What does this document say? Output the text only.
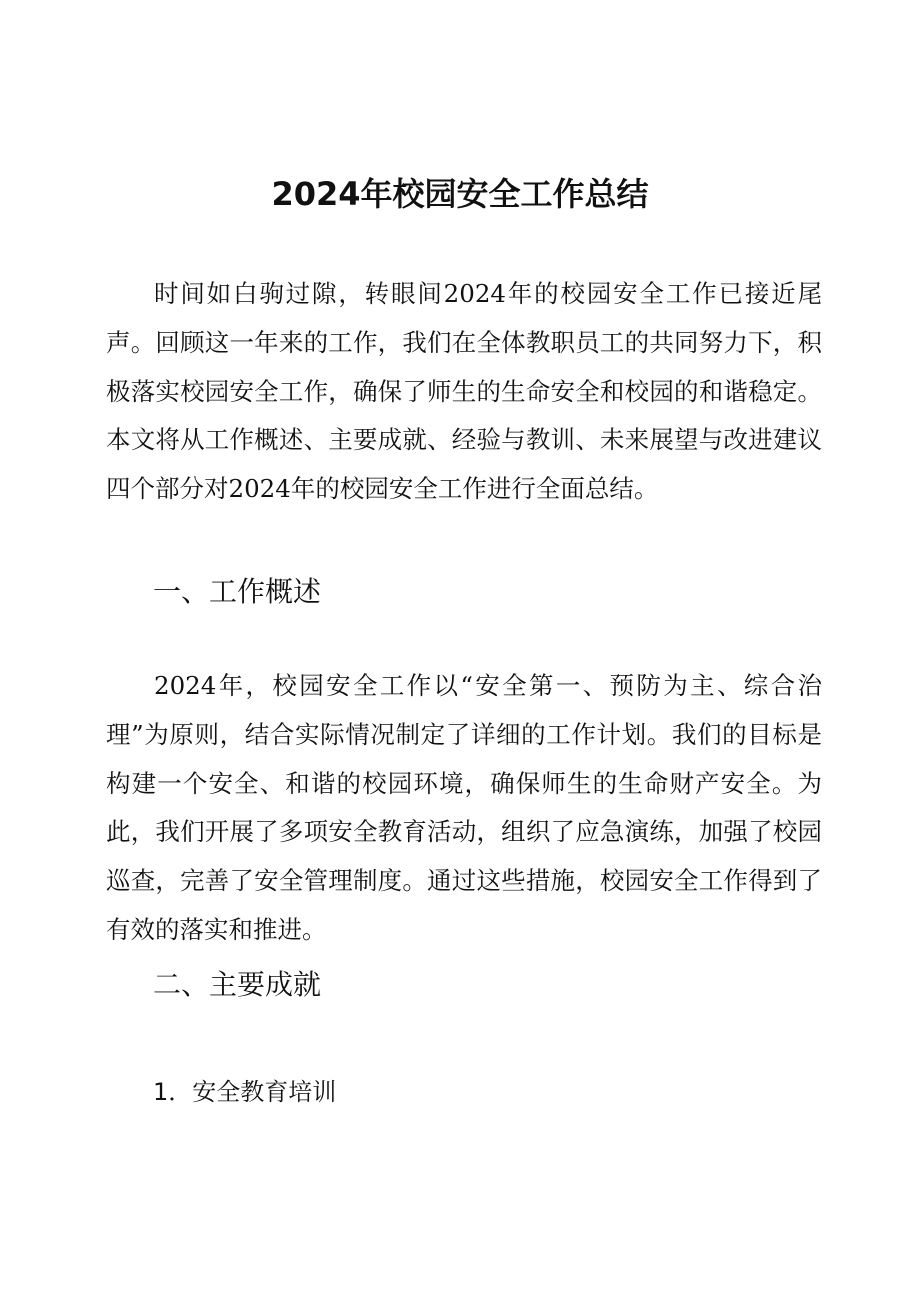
2024年校园安全工作总结

时间如白驹过隙，转眼间2024年的校园安全工作已接近尾声。回顾这一年来的工作，我们在全体教职员工的共同努力下，积极落实校园安全工作，确保了师生的生命安全和校园的和谐稳定。本文将从工作概述、主要成就、经验与教训、未来展望与改进建议四个部分对2024年的校园安全工作进行全面总结。

一、工作概述

2024年，校园安全工作以“安全第一、预防为主、综合治理”为原则，结合实际情况制定了详细的工作计划。我们的目标是构建一个安全、和谐的校园环境，确保师生的生命财产安全。为此，我们开展了多项安全教育活动，组织了应急演练，加强了校园巡查，完善了安全管理制度。通过这些措施，校园安全工作得到了有效的落实和推进。

二、主要成就
1．安全教育培训
